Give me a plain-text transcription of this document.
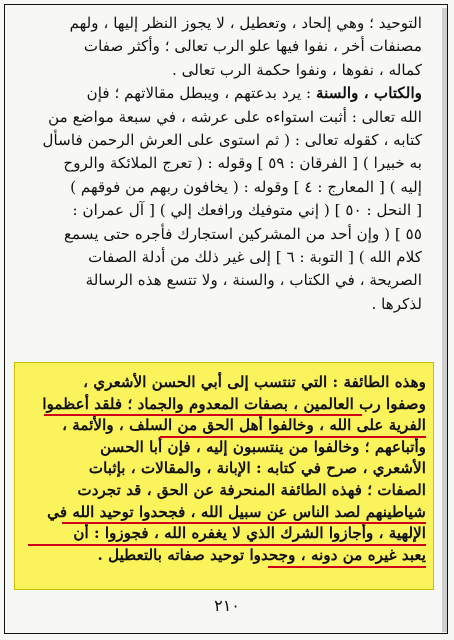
التوحيد ؛ وهي إلحاد ، وتعطيل ، لا يجوز النظر إليها ، ولهم
مصنفات أخر ، نفوا فيها علو الرب تعالى ؛ وأكثر صفات
كماله ، نفوها ، ونفوا حكمة الرب تعالى .
والكتاب ، والسنة : يرد بدعتهم ، ويبطل مقالاتهم ؛ فإن
الله تعالى : أثبت استواءه على عرشه ، في سبعة مواضع من
كتابه ، كقوله تعالى : ( ثم استوى على العرش الرحمن فاسأل
به خبيرا ) [ الفرقان : ٥٩ ] وقوله : ( تعرج الملائكة والروح
إليه ) [ المعارج : ٤ ] وقوله : ( يخافون ربهم من فوقهم )
[ النحل : ٥٠ ] ( إني متوفيك ورافعك إلي ) [ آل عمران :
٥٥ ] ( وإن أحد من المشركين استجارك فأجره حتى يسمع
كلام الله ) [ التوبة : ٦ ] إلى غير ذلك من أدلة الصفات
الصريحة ، في الكتاب ، والسنة ، ولا تتسع هذه الرسالة
لذكرها .
وهذه الطائفة : التي تنتسب إلى أبي الحسن الأشعري ،
وصفوا رب العالمين ، بصفات المعدوم والجماد ؛ فلقد أعظموا
الفرية على الله ، وخالفوا أهل الحق من السلف ، والأئمة ،
وأتباعهم ؛ وخالفوا من ينتسبون إليه ، فإن أبا الحسن
الأشعري ، صرح في كتابه : الإبانة ، والمقالات ، بإثبات
الصفات ؛ فهذه الطائفة المنحرفة عن الحق ، قد تجردت
شياطينهم لصد الناس عن سبيل الله ، فجحدوا توحيد الله في
الإلهية ، وأجازوا الشرك الذي لا يغفره الله ، فجوزوا : أن
يعبد غيره من دونه ، وجحدوا توحيد صفاته بالتعطيل .
٢١٠
